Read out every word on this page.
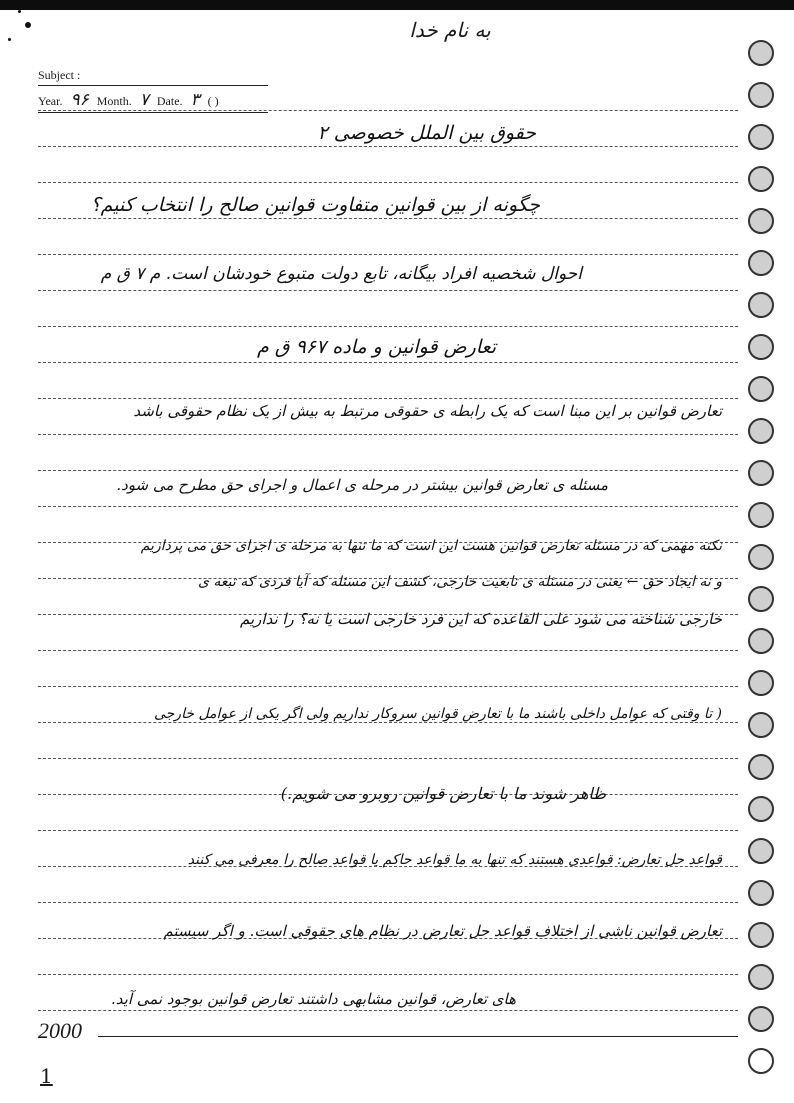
به نام خدا
Subject :
Year. ۹۶ Month. ۷ Date. ۳ ( )
حقوق بین الملل خصوصی ۲
چگونه از بین قوانین متفاوت قوانین صالح را انتخاب کنیم؟
احوال شخصیه افراد بیگانه، تابع دولت متبوع خودشان است. م ۷ ق م
تعارض قوانین و ماده ۹۶۷ ق م
تعارض قوانین بر این مبنا است که یک رابطه ی حقوقی مرتبط به بیش از یک نظام حقوقی باشد
مسئله ی تعارض قوانین بیشتر در مرحله ی اعمال و اجرای حق مطرح می شود.
نکته مهمی که در مسئله تعارض قوانین هست این است که ما تنها به مرحله ی اجرای حق می پردازیم
و نه ایجاد حق ← یعنی در مسئله ی تابعیت خارجی، کشف این مسئله که آیا فردی که تبعه ی
خارجی شناخته می شود علی القاعده که این فرد خارجی است یا نه؟ را نداریم
( تا وقتی که عوامل داخلی باشند ما با تعارض قوانین سروکار نداریم ولی اگر یکی از عوامل خارجی
ظاهر شوند ما با تعارض قوانین روبرو می شویم.)
قواعد حل تعارض: قواعدی هستند که تنها به ما قواعد حاکم یا قواعد صالح را معرفی می کنند
تعارض قوانین ناشی از اختلاف قواعد حل تعارض در نظام های حقوقی است. و اگر سیستم
های تعارض، قوانین مشابهی داشتند تعارض قوانین بوجود نمی آید.
2000
1
